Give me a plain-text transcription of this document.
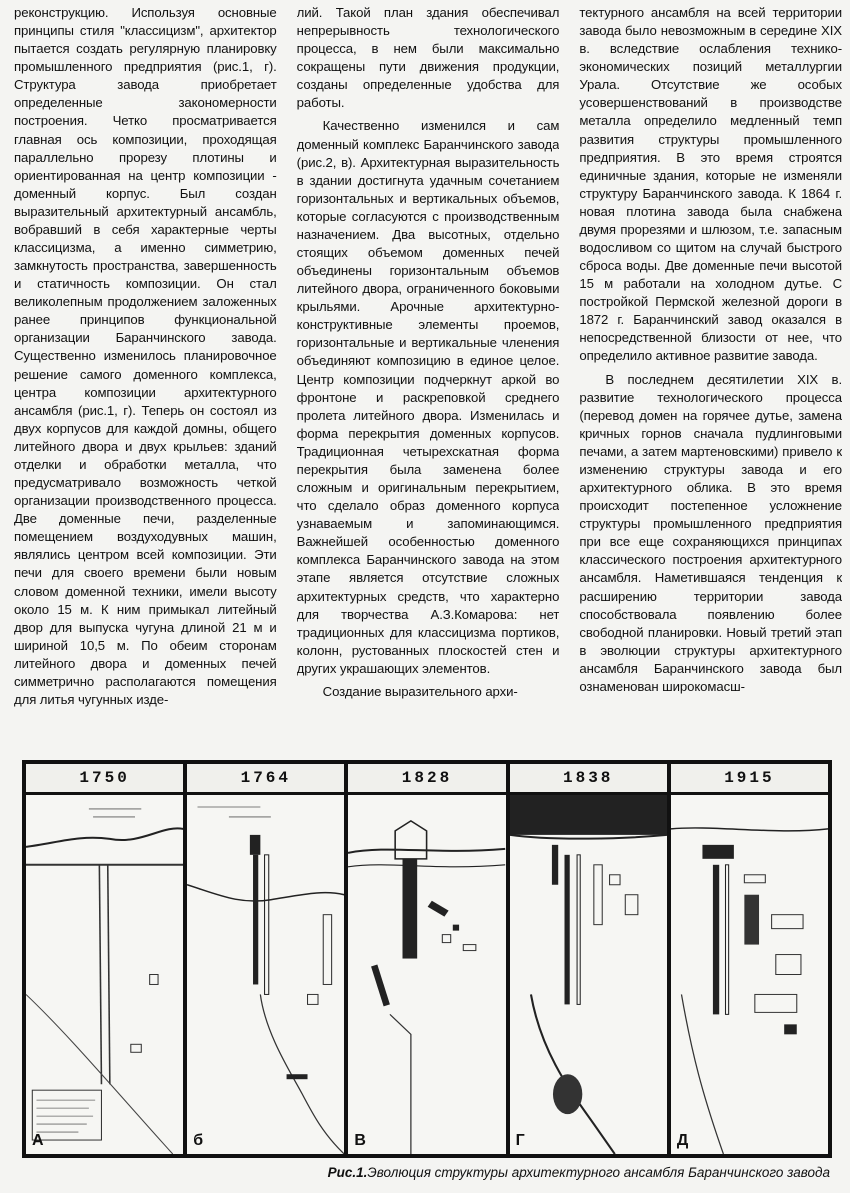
реконструкцию. Используя основные принципы стиля "классицизм", архитектор пытается создать регулярную планировку промышленного предприятия (рис.1, г). Структура завода приобретает определенные закономерности построения. Четко просматривается главная ось композиции, проходящая параллельно прорезу плотины и ориентированная на центр композиции - доменный корпус. Был создан выразительный архитектурный ансамбль, вобравший в себя характерные черты классицизма, а именно симметрию, замкнутость пространства, завершенность и статичность композиции. Он стал великолепным продолжением заложенных ранее принципов функциональной организации Баранчинского завода. Существенно изменилось планировочное решение самого доменного комплекса, центра композиции архитектурного ансамбля (рис.1, г). Теперь он состоял из двух корпусов для каждой домны, общего литейного двора и двух крыльев: зданий отделки и обработки металла, что предусматривало возможность четкой организации производственного процесса. Две доменные печи, разделенные помещением воздуходувных машин, являлись центром всей композиции. Эти печи для своего времени были новым словом доменной техники, имели высоту около 15 м. К ним примыкал литейный двор для выпуска чугуна длиной 21 м и шириной 10,5 м. По обеим сторонам литейного двора и доменных печей симметрично располагаются помещения для литья чугунных изде-

лий. Такой план здания обеспечивал непрерывность технологического процесса, в нем были максимально сокращены пути движения продукции, созданы определенные удобства для работы.

Качественно изменился и сам доменный комплекс Баранчинского завода (рис.2, в). Архитектурная выразительность в здании достигнута удачным сочетанием горизонтальных и вертикальных объемов, которые согласуются с производственным назначением. Два высотных, отдельно стоящих объемом доменных печей объединены горизонтальным объемов литейного двора, ограниченного боковыми крыльями. Арочные архитектурно-конструктивные элементы проемов, горизонтальные и вертикальные членения объединяют композицию в единое целое. Центр композиции подчеркнут аркой во фронтоне и раскреповкой среднего пролета литейного двора. Изменилась и форма перекрытия доменных корпусов. Традиционная четырехскатная форма перекрытия была заменена более сложным и оригинальным перекрытием, что сделало образ доменного корпуса узнаваемым и запоминающимся. Важнейшей особенностью доменного комплекса Баранчинского завода на этом этапе является отсутствие сложных архитектурных средств, что характерно для творчества А.З.Комарова: нет традиционных для классицизма портиков, колонн, рустованных плоскостей стен и других украшающих элементов.

Создание выразительного архи-

тектурного ансамбля на всей территории завода было невозможным в середине XIX в. вследствие ослабления технико-экономических позиций металлургии Урала. Отсутствие же особых усовершенствований в производстве металла определило медленный темп развития структуры промышленного предприятия. В это время строятся единичные здания, которые не изменяли структуру Баранчинского завода. К 1864 г. новая плотина завода была снабжена двумя прорезями и шлюзом, т.е. запасным водосливом со щитом на случай быстрого сброса воды. Две доменные печи высотой 15 м работали на холодном дутье. С постройкой Пермской железной дороги в 1872 г. Баранчинский завод оказался в непосредственной близости от нее, что определило активное развитие завода.

В последнем десятилетии XIX в. развитие технологического процесса (перевод домен на горячее дутье, замена кричных горнов сначала пудлинговыми печами, а затем мартеновскими) привело к изменению структуры завода и его архитектурного облика. В это время происходит постепенное усложнение структуры промышленного предприятия при все еще сохраняющихся принципах классического построения архитектурного ансамбля. Наметившаяся тенденция к расширению территории завода способствовала появлению более свободной планировки. Новый третий этап в эволюции структуры архитектурного ансамбля Баранчинского завода был ознаменован широкомасш-

1750
А
1764
б
1828
В
1838
Г
1915
Д
Рис.1.Эволюция структуры архитектурного ансамбля Баранчинского завода
